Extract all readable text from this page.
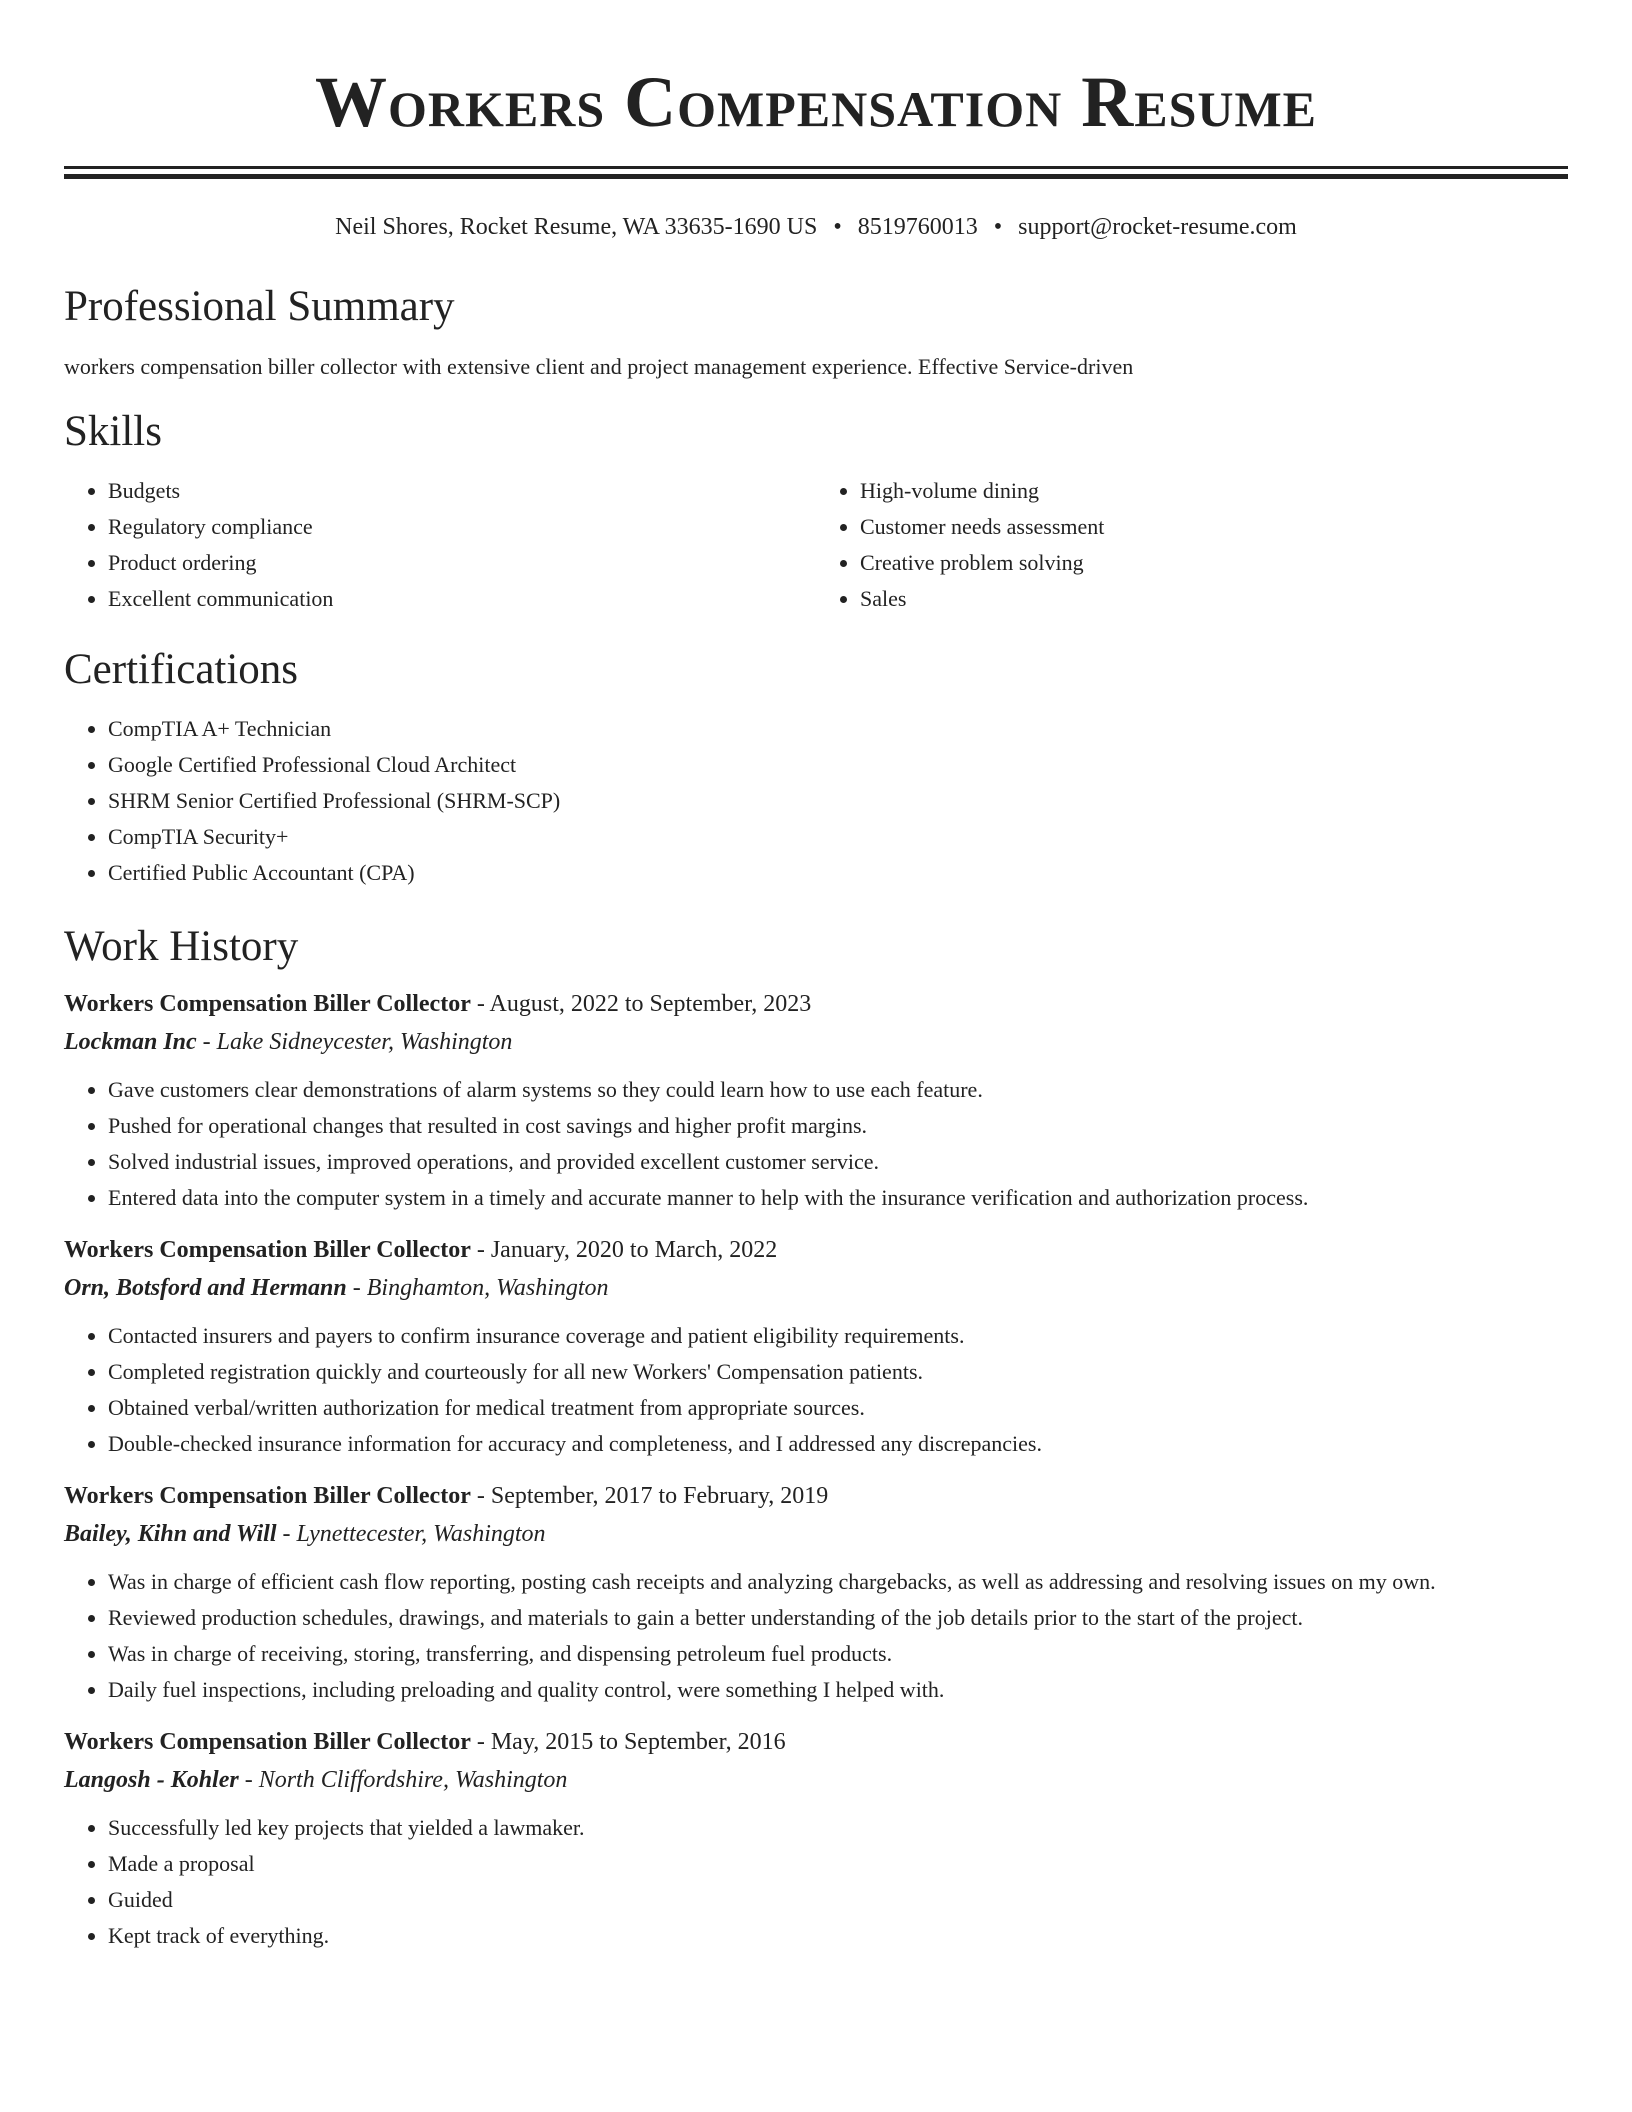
Workers Compensation Resume
Neil Shores, Rocket Resume, WA 33635-1690 US • 8519760013 • support@rocket-resume.com
Professional Summary
workers compensation biller collector with extensive client and project management experience. Effective Service-driven
Skills
• Budgets
• Regulatory compliance
• Product ordering
• Excellent communication
• High-volume dining
• Customer needs assessment
• Creative problem solving
• Sales
Certifications
• CompTIA A+ Technician
• Google Certified Professional Cloud Architect
• SHRM Senior Certified Professional (SHRM-SCP)
• CompTIA Security+
• Certified Public Accountant (CPA)
Work History
Workers Compensation Biller Collector - August, 2022 to September, 2023
Lockman Inc - Lake Sidneycester, Washington
• Gave customers clear demonstrations of alarm systems so they could learn how to use each feature.
• Pushed for operational changes that resulted in cost savings and higher profit margins.
• Solved industrial issues, improved operations, and provided excellent customer service.
• Entered data into the computer system in a timely and accurate manner to help with the insurance verification and authorization process.
Workers Compensation Biller Collector - January, 2020 to March, 2022
Orn, Botsford and Hermann - Binghamton, Washington
• Contacted insurers and payers to confirm insurance coverage and patient eligibility requirements.
• Completed registration quickly and courteously for all new Workers' Compensation patients.
• Obtained verbal/written authorization for medical treatment from appropriate sources.
• Double-checked insurance information for accuracy and completeness, and I addressed any discrepancies.
Workers Compensation Biller Collector - September, 2017 to February, 2019
Bailey, Kihn and Will - Lynettecester, Washington
• Was in charge of efficient cash flow reporting, posting cash receipts and analyzing chargebacks, as well as addressing and resolving issues on my own.
• Reviewed production schedules, drawings, and materials to gain a better understanding of the job details prior to the start of the project.
• Was in charge of receiving, storing, transferring, and dispensing petroleum fuel products.
• Daily fuel inspections, including preloading and quality control, were something I helped with.
Workers Compensation Biller Collector - May, 2015 to September, 2016
Langosh - Kohler - North Cliffordshire, Washington
• Successfully led key projects that yielded a lawmaker.
• Made a proposal
• Guided
• Kept track of everything.
